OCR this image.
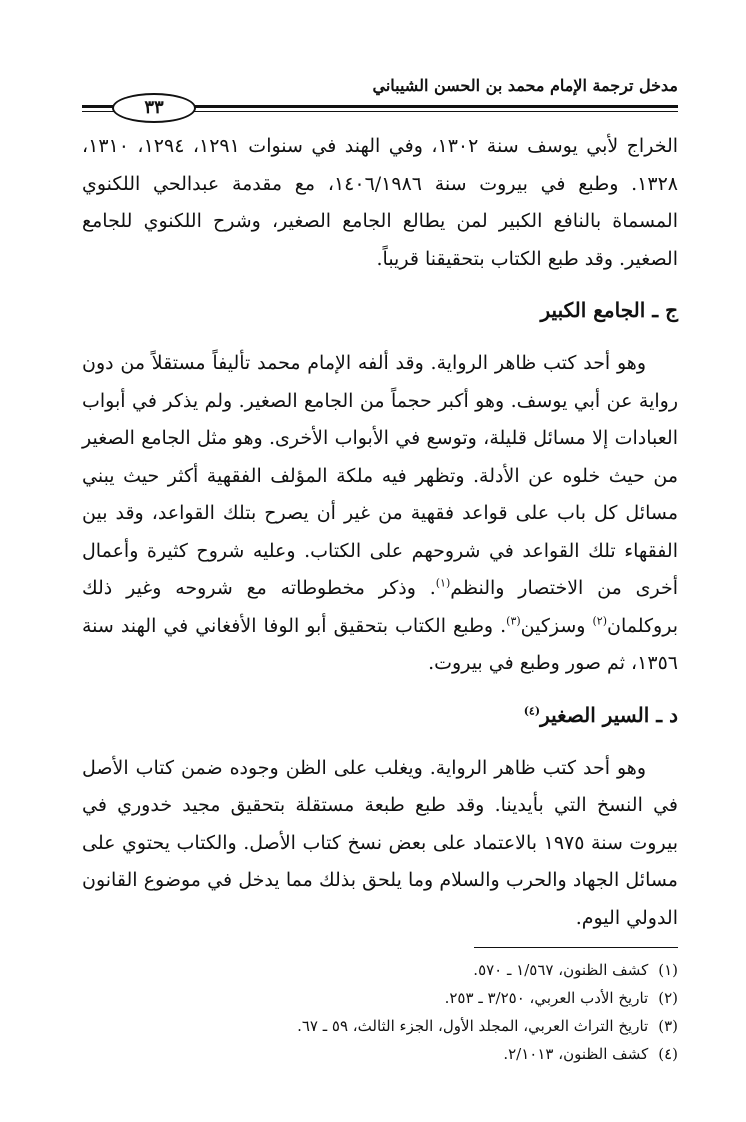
مدخل ترجمة الإمام محمد بن الحسن الشيباني
٣٣

الخراج لأبي يوسف سنة ١٣٠٢، وفي الهند في سنوات ١٢٩١، ١٢٩٤، ١٣١٠، ١٣٢٨. وطبع في بيروت سنة ١٤٠٦/١٩٨٦، مع مقدمة عبدالحي اللكنوي المسماة بالنافع الكبير لمن يطالع الجامع الصغير، وشرح اللكنوي للجامع الصغير. وقد طبع الكتاب بتحقيقنا قريباً.

ج ـ الجامع الكبير

وهو أحد كتب ظاهر الرواية. وقد ألفه الإمام محمد تأليفاً مستقلاً من دون رواية عن أبي يوسف. وهو أكبر حجماً من الجامع الصغير. ولم يذكر في أبواب العبادات إلا مسائل قليلة، وتوسع في الأبواب الأخرى. وهو مثل الجامع الصغير من حيث خلوه عن الأدلة. وتظهر فيه ملكة المؤلف الفقهية أكثر حيث يبني مسائل كل باب على قواعد فقهية من غير أن يصرح بتلك القواعد، وقد بين الفقهاء تلك القواعد في شروحهم على الكتاب. وعليه شروح كثيرة وأعمال أخرى من الاختصار والنظم$^{(١)}$. وذكر مخطوطاته مع شروحه وغير ذلك بروكلمان$^{(٢)}$ وسزكين$^{(٣)}$. وطبع الكتاب بتحقيق أبو الوفا الأفغاني في الهند سنة ١٣٥٦، ثم صور وطبع في بيروت.

د ـ السير الصغير$^{(٤)}$

وهو أحد كتب ظاهر الرواية. ويغلب على الظن وجوده ضمن كتاب الأصل في النسخ التي بأيدينا. وقد طبع طبعة مستقلة بتحقيق مجيد خدوري في بيروت سنة ١٩٧٥ بالاعتماد على بعض نسخ كتاب الأصل. والكتاب يحتوي على مسائل الجهاد والحرب والسلام وما يلحق بذلك مما يدخل في موضوع القانون الدولي اليوم.

(١)كشف الظنون، ١/٥٦٧ ـ ٥٧٠.
(٢)تاريخ الأدب العربي، ٣/٢٥٠ ـ ٢٥٣.
(٣)تاريخ التراث العربي، المجلد الأول، الجزء الثالث، ٥٩ ـ ٦٧.
(٤)كشف الظنون، ٢/١٠١٣.
